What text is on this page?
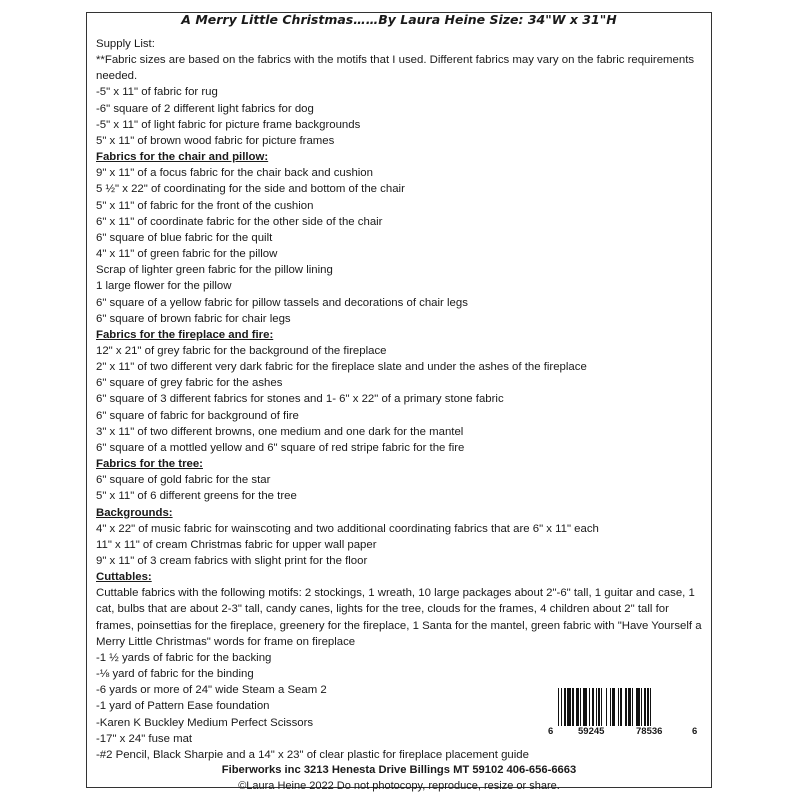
A Merry Little Christmas……By Laura Heine Size: 34"W x 31"H
Supply List:
**Fabric sizes are based on the fabrics with the motifs that I used. Different fabrics may vary on the fabric requirements needed.
-5" x 11" of fabric for rug
-6" square of 2 different light fabrics for dog
-5" x 11" of light fabric for picture frame backgrounds
5" x 11" of brown wood fabric for picture frames
Fabrics for the chair and pillow:
9" x 11" of a focus fabric for the chair back and cushion
5 ½" x 22" of coordinating for the side and bottom of the chair
5" x 11" of fabric for the front of the cushion
6" x 11" of coordinate fabric for the other side of the chair
6" square of blue fabric for the quilt
4" x 11" of green fabric for the pillow
Scrap of lighter green fabric for the pillow lining
1 large flower for the pillow
6" square of a yellow fabric for pillow tassels and decorations of chair legs
6" square of brown fabric for chair legs
Fabrics for the fireplace and fire:
12" x 21" of grey fabric for the background of the fireplace
2" x 11" of two different very dark fabric for the fireplace slate and under the ashes of the fireplace
6" square of grey fabric for the ashes
6" square of 3 different fabrics for stones and 1- 6" x 22" of a primary stone fabric
6" square of fabric for background of fire
3" x 11" of two different browns, one medium and one dark for the mantel
6" square of a mottled yellow and 6" square of red stripe fabric for the fire
Fabrics for the tree:
6" square of gold fabric for the star
5" x 11" of 6 different greens for the tree
Backgrounds:
4" x 22" of music fabric for wainscoting and two additional coordinating fabrics that are 6" x 11" each
11" x 11" of cream Christmas fabric for upper wall paper
9" x 11" of 3 cream fabrics with slight print for the floor
Cuttables:
Cuttable fabrics with the following motifs: 2 stockings, 1 wreath, 10 large packages about 2"-6" tall, 1 guitar and case, 1 cat, bulbs that are about 2-3" tall, candy canes, lights for the tree, clouds for the frames, 4 children about 2" tall for frames, poinsettias for the fireplace, greenery for the fireplace, 1 Santa for the mantel, green fabric with "Have Yourself a Merry Little Christmas" words for frame on fireplace
-1 ½ yards of fabric for the backing
-⅛ yard of fabric for the binding
-6 yards or more of 24" wide Steam a Seam 2
-1 yard of Pattern Ease foundation
-Karen K Buckley Medium Perfect Scissors
-17" x 24" fuse mat
-#2 Pencil, Black Sharpie and a 14" x 23" of clear plastic for fireplace placement guide
6	59245	78536	6
Fiberworks inc 3213 Henesta Drive Billings MT 59102 406-656-6663
©Laura Heine 2022 Do not photocopy, reproduce, resize or share.
